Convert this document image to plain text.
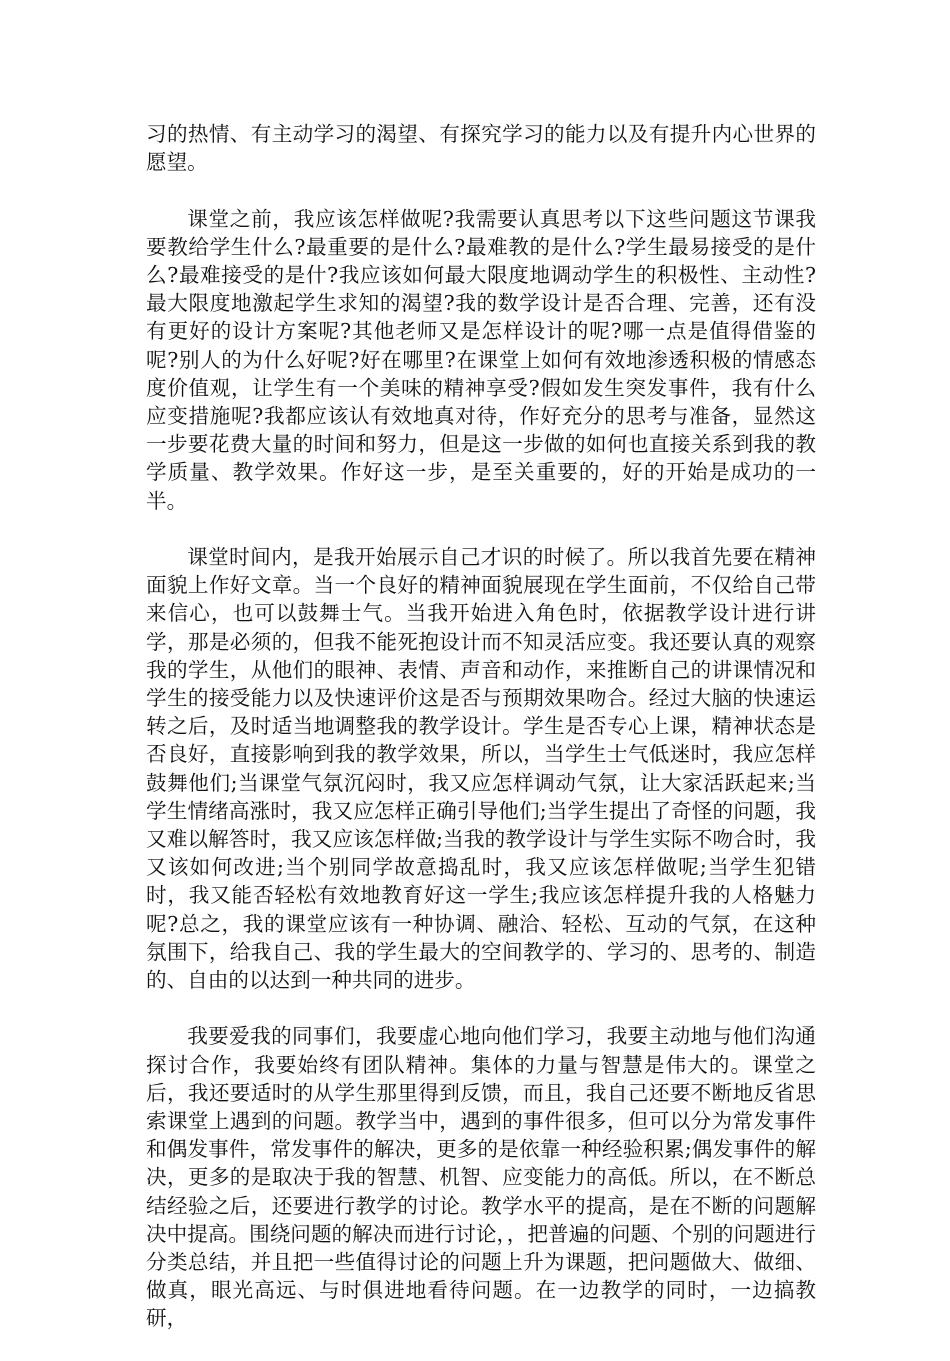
习的热情、有主动学习的渴望、有探究学习的能力以及有提升内心世界的愿望。

课堂之前，我应该怎样做呢?我需要认真思考以下这些问题这节课我要教给学生什么?最重要的是什么?最难教的是什么?学生最易接受的是什么?最难接受的是什?我应该如何最大限度地调动学生的积极性、主动性?最大限度地激起学生求知的渴望?我的数学设计是否合理、完善，还有没有更好的设计方案呢?其他老师又是怎样设计的呢?哪一点是值得借鉴的呢?别人的为什么好呢?好在哪里?在课堂上如何有效地渗透积极的情感态度价值观，让学生有一个美味的精神享受?假如发生突发事件，我有什么应变措施呢?我都应该认有效地真对待，作好充分的思考与准备，显然这一步要花费大量的时间和努力，但是这一步做的如何也直接关系到我的教学质量、教学效果。作好这一步，是至关重要的，好的开始是成功的一半。

课堂时间内，是我开始展示自己才识的时候了。所以我首先要在精神面貌上作好文章。当一个良好的精神面貌展现在学生面前，不仅给自己带来信心，也可以鼓舞士气。当我开始进入角色时，依据教学设计进行讲学，那是必须的，但我不能死抱设计而不知灵活应变。我还要认真的观察我的学生，从他们的眼神、表情、声音和动作，来推断自己的讲课情况和学生的接受能力以及快速评价这是否与预期效果吻合。经过大脑的快速运转之后，及时适当地调整我的教学设计。学生是否专心上课，精神状态是否良好，直接影响到我的教学效果，所以，当学生士气低迷时，我应怎样鼓舞他们;当课堂气氛沉闷时，我又应怎样调动气氛，让大家活跃起来;当学生情绪高涨时，我又应怎样正确引导他们;当学生提出了奇怪的问题，我又难以解答时，我又应该怎样做;当我的教学设计与学生实际不吻合时，我又该如何改进;当个别同学故意捣乱时，我又应该怎样做呢;当学生犯错时，我又能否轻松有效地教育好这一学生;我应该怎样提升我的人格魅力呢?总之，我的课堂应该有一种协调、融洽、轻松、互动的气氛，在这种氛围下，给我自己、我的学生最大的空间教学的、学习的、思考的、制造的、自由的以达到一种共同的进步。

我要爱我的同事们，我要虚心地向他们学习，我要主动地与他们沟通探讨合作，我要始终有团队精神。集体的力量与智慧是伟大的。课堂之后，我还要适时的从学生那里得到反馈，而且，我自己还要不断地反省思索课堂上遇到的问题。教学当中，遇到的事件很多，但可以分为常发事件和偶发事件，常发事件的解决，更多的是依靠一种经验积累;偶发事件的解决，更多的是取决于我的智慧、机智、应变能力的高低。所以，在不断总结经验之后，还要进行教学的讨论。教学水平的提高，是在不断的问题解决中提高。围绕问题的解决而进行讨论，，把普遍的问题、个别的问题进行分类总结，并且把一些值得讨论的问题上升为课题，把问题做大、做细、做真，眼光高远、与时俱进地看待问题。在一边教学的同时，一边搞教研，
